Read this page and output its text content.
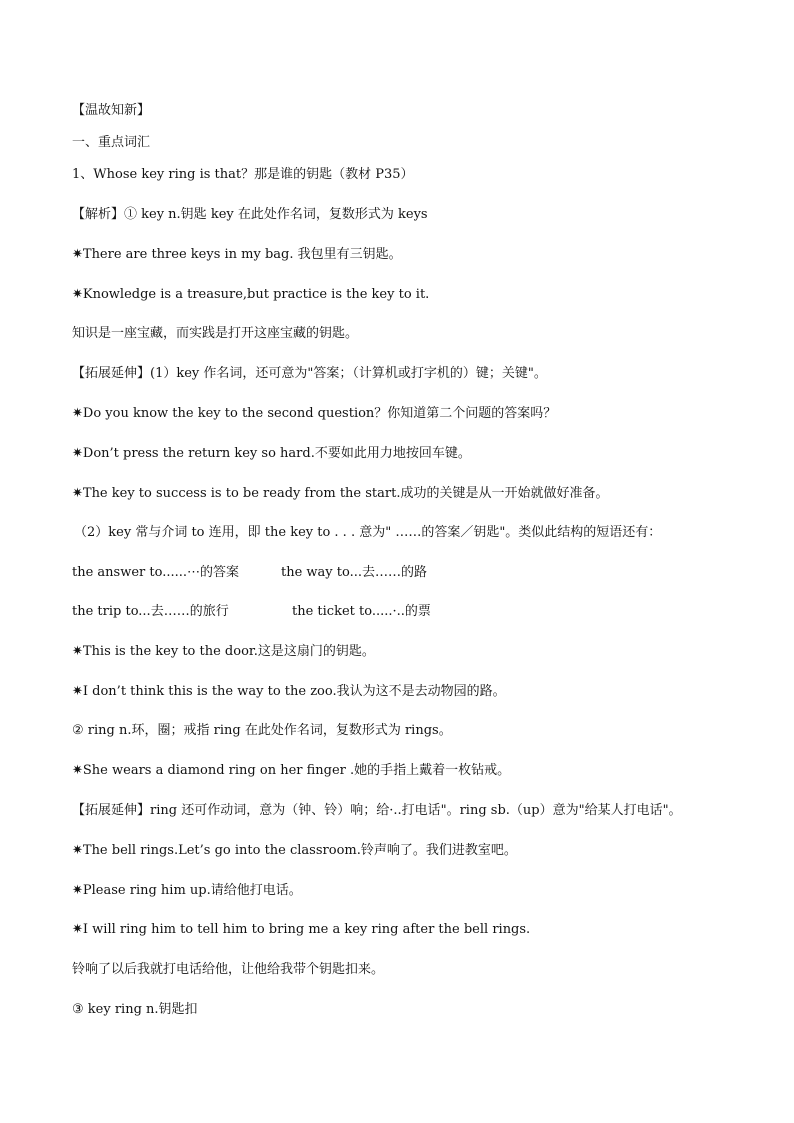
【温故知新】
一、重点词汇
1、Whose key ring is that？那是谁的钥匙（教材 P35）
【解析】① key n.钥匙 key 在此处作名词，复数形式为 keys
✷There are three keys in my bag. 我包里有三钥匙。
✷Knowledge is a treasure,but practice is the key to it.
知识是一座宝藏，而实践是打开这座宝藏的钥匙。
【拓展延伸】(1）key 作名词，还可意为"答案；（计算机或打字机的）键；关键"。
✷Do you know the key to the second question？你知道第二个问题的答案吗？
✷Don’t press the return key so hard.不要如此用力地按回车键。
✷The key to success is to be ready from the start.成功的关键是从一开始就做好准备。
（2）key 常与介词 to 连用，即 the key to . . . 意为" ……的答案／钥匙"。类似此结构的短语还有：
the answer to......⋯的答案	the way to...去……的路
the trip to...去……的旅行	the ticket to.....·..的票
✷This is the key to the door.这是这扇门的钥匙。
✷I don’t think this is the way to the zoo.我认为这不是去动物园的路。
② ring n.环，圈；戒指 ring 在此处作名词，复数形式为 rings。
✷She wears a diamond ring on her finger .她的手指上戴着一枚钻戒。
【拓展延伸】ring 还可作动词，意为（钟、铃）响；给·..打电话"。ring sb.（up）意为"给某人打电话"。
✷The bell rings.Let’s go into the classroom.铃声响了。我们进教室吧。
✷Please ring him up.请给他打电话。
✷I will ring him to tell him to bring me a key ring after the bell rings.
铃响了以后我就打电话给他，让他给我带个钥匙扣来。
③ key ring n.钥匙扣
